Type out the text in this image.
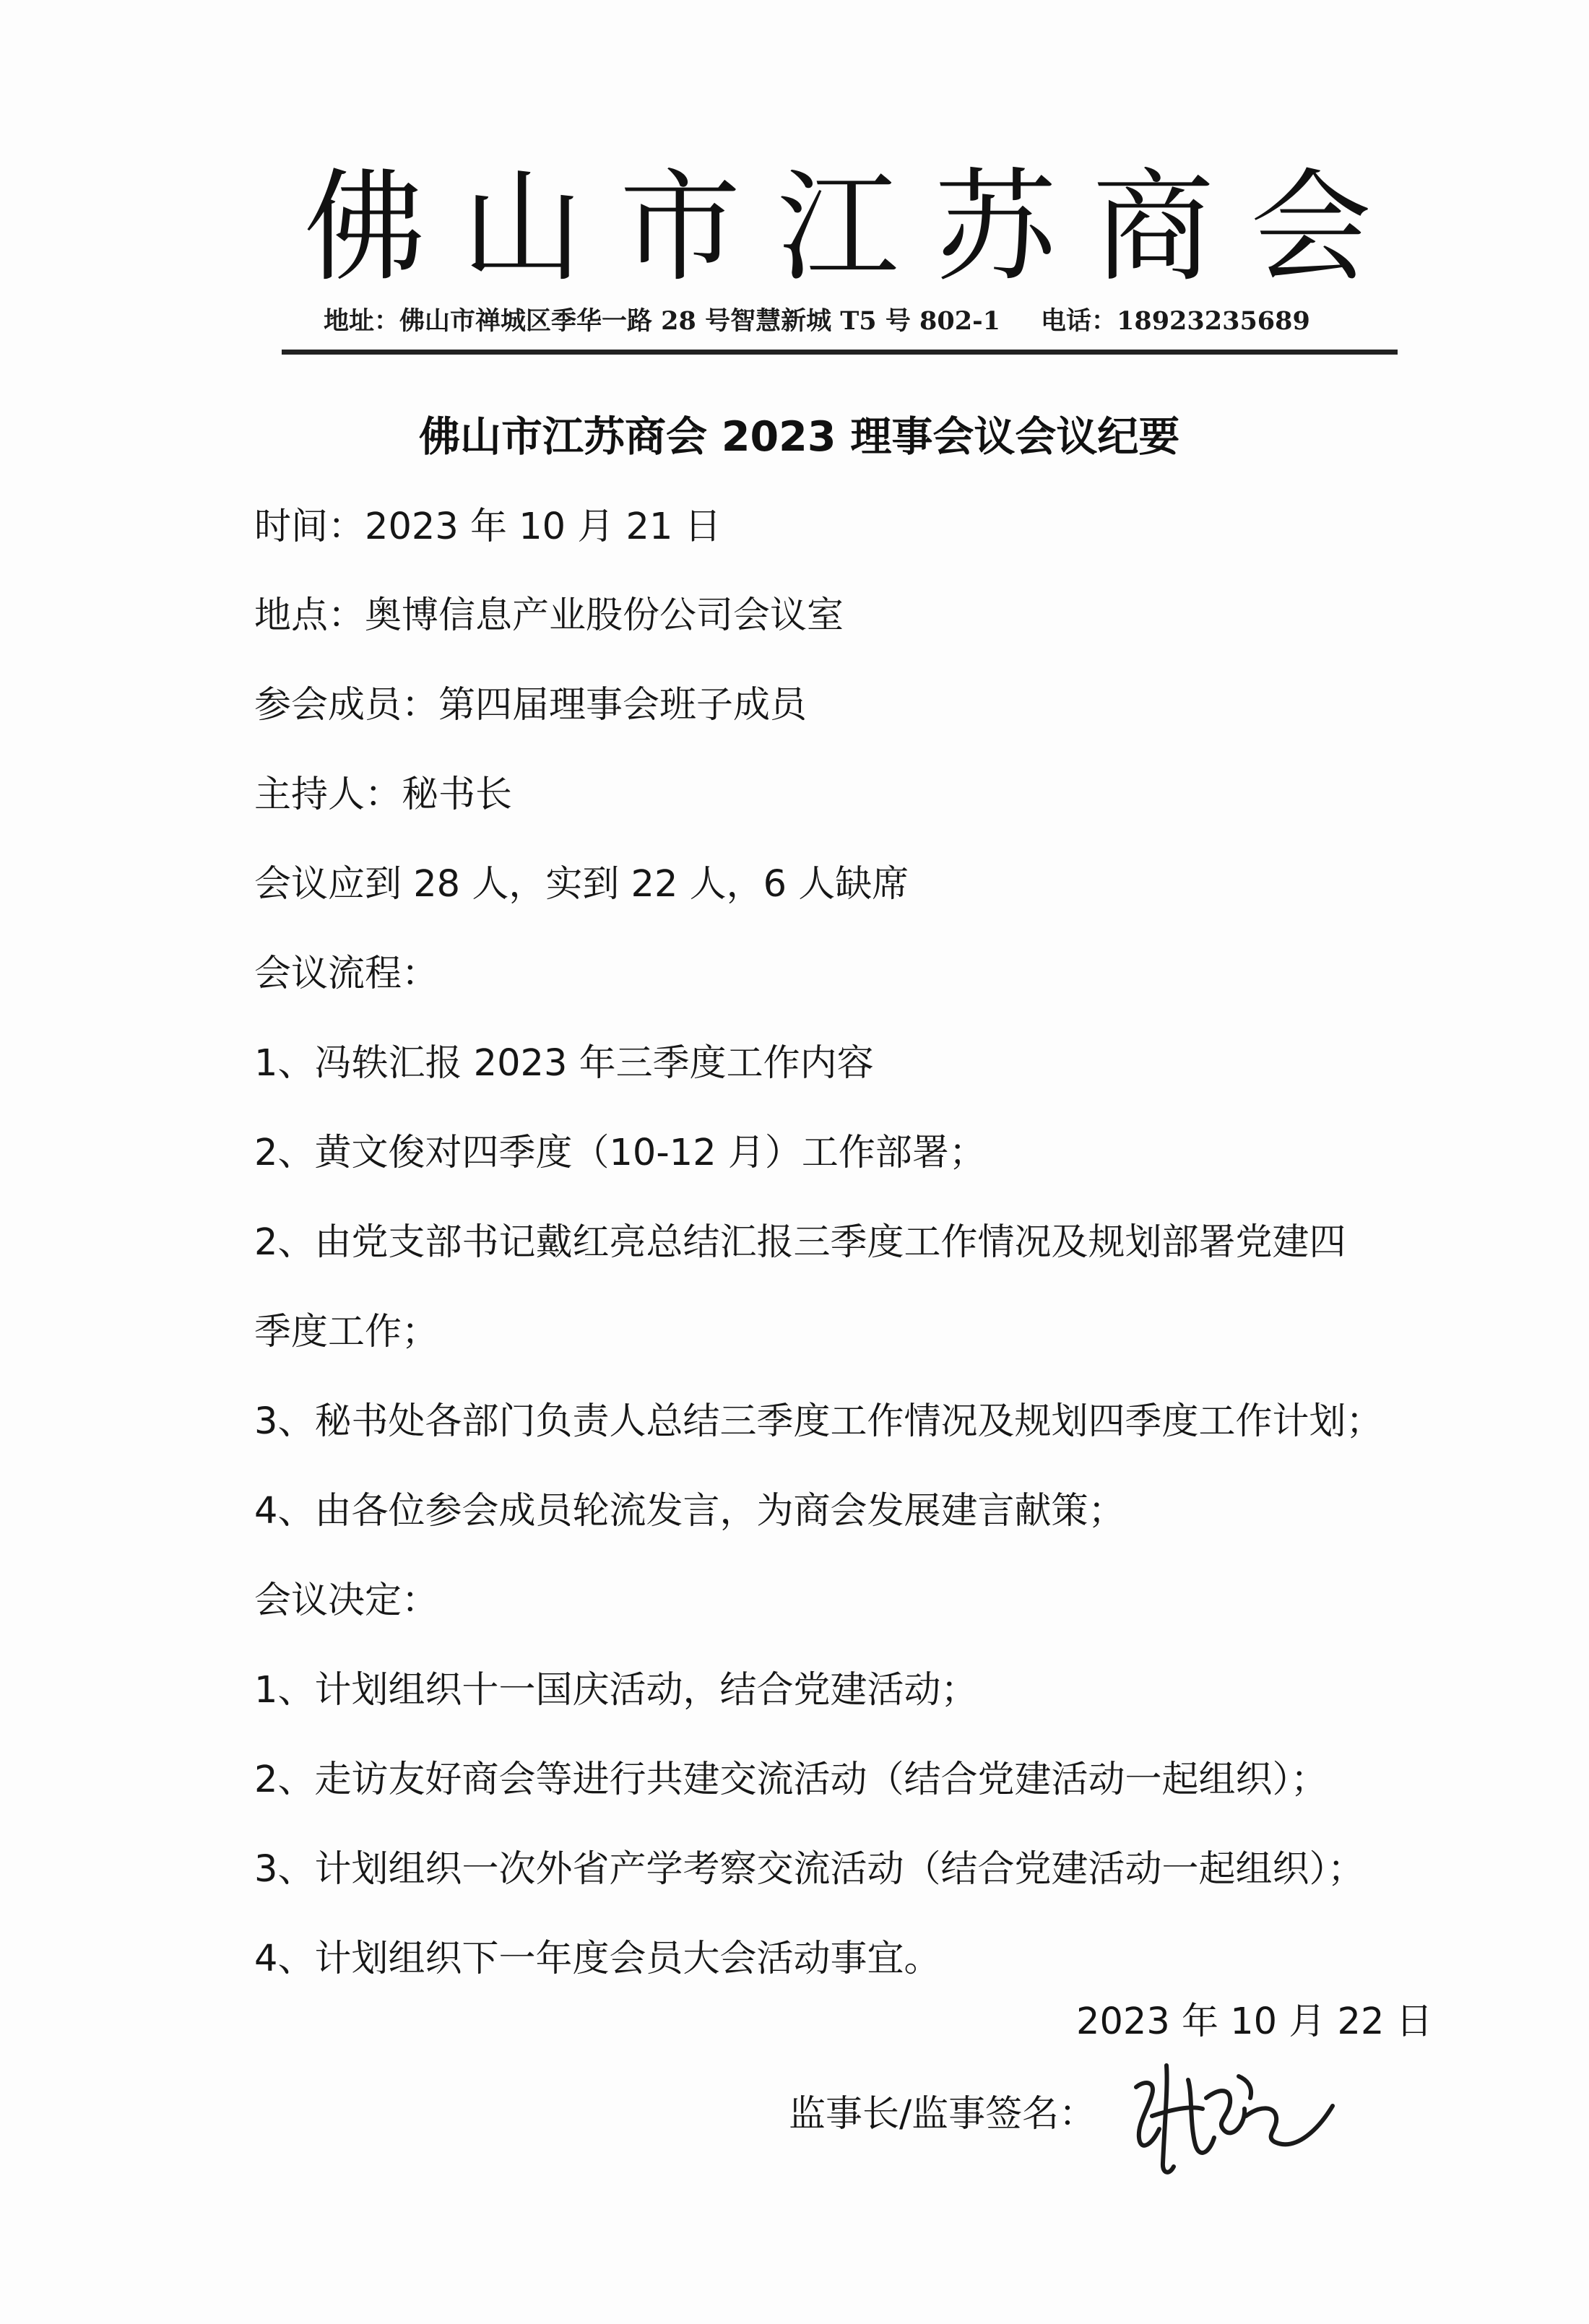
佛 山 市 江 苏 商 会
地址：佛山市禅城区季华一路 28 号智慧新城 T5 号 802-1 电话：18923235689
佛山市江苏商会 2023 理事会议会议纪要
时间：2023 年 10 月 21 日
地点：奥博信息产业股份公司会议室
参会成员：第四届理事会班子成员
主持人：秘书长
会议应到 28 人，实到 22 人，6 人缺席
会议流程：
1、冯轶汇报 2023 年三季度工作内容
2、黄文俊对四季度（10-12 月）工作部署；
2、由党支部书记戴红亮总结汇报三季度工作情况及规划部署党建四
季度工作；
3、秘书处各部门负责人总结三季度工作情况及规划四季度工作计划；
4、由各位参会成员轮流发言，为商会发展建言献策；
会议决定：
1、计划组织十一国庆活动，结合党建活动；
2、走访友好商会等进行共建交流活动（结合党建活动一起组织）；
3、计划组织一次外省产学考察交流活动（结合党建活动一起组织）；
4、计划组织下一年度会员大会活动事宜。
2023 年 10 月 22 日
监事长/监事签名：
